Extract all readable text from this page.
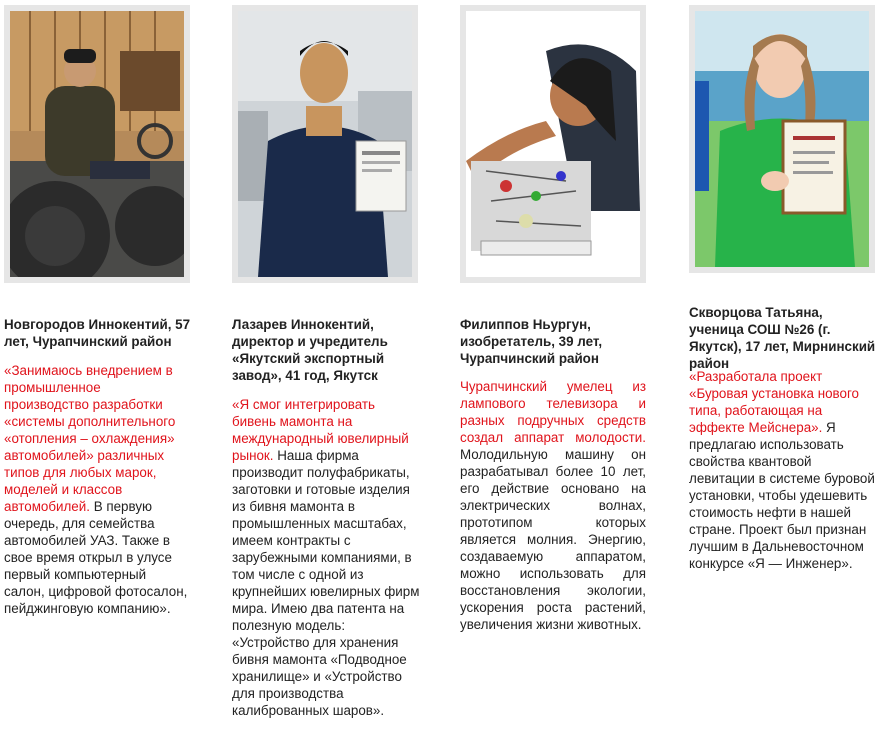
Новгородов Иннокентий, 57 лет, Чурапчинский район
«Занимаюсь внедрением в промышленное производство разработки «системы дополнительного «отопления – охлаждения» автомобилей» различных типов для любых марок, моделей и классов автомобилей. В первую очередь, для семейства автомобилей УАЗ. Также в свое время открыл в улусе первый компьютерный салон, цифровой фотосалон, пейджинговую компанию».
Лазарев Иннокентий, директор и учредитель «Якутский экспортный завод», 41 год, Якутск
«Я смог интегрировать бивень мамонта на международный ювелирный рынок. Наша фирма производит полуфабрикаты, заготовки и готовые изделия из бивня мамонта в промышленных масштабах, имеем контракты с зарубежными компаниями, в том числе с одной из крупнейших ювелирных фирм мира. Имею два патента на полезную модель: «Устройство для хранения бивня мамонта «Подводное хранилище» и «Устройство для производства калиброванных шаров».
Филиппов Ньургун, изобретатель, 39 лет, Чурапчинский район
Чурапчинский умелец из лампового телевизора и разных подручных средств создал аппарат молодости. Молодильную машину он разрабатывал более 10 лет, его действие основано на электрических волнах, прототипом которых является молния. Энергию, создаваемую аппаратом, можно использовать для восстановления экологии, ускорения роста растений, увеличения жизни животных.
Скворцова Татьяна, ученица СОШ №26 (г. Якутск), 17 лет, Мирнинский район
«Разработала проект «Буровая установка нового типа, работающая на эффекте Мейснера». Я предлагаю использовать свойства квантовой левитации в системе буровой установки, чтобы удешевить стоимость нефти в нашей стране. Проект был признан лучшим в Дальневосточном конкурсе «Я — Инженер».
